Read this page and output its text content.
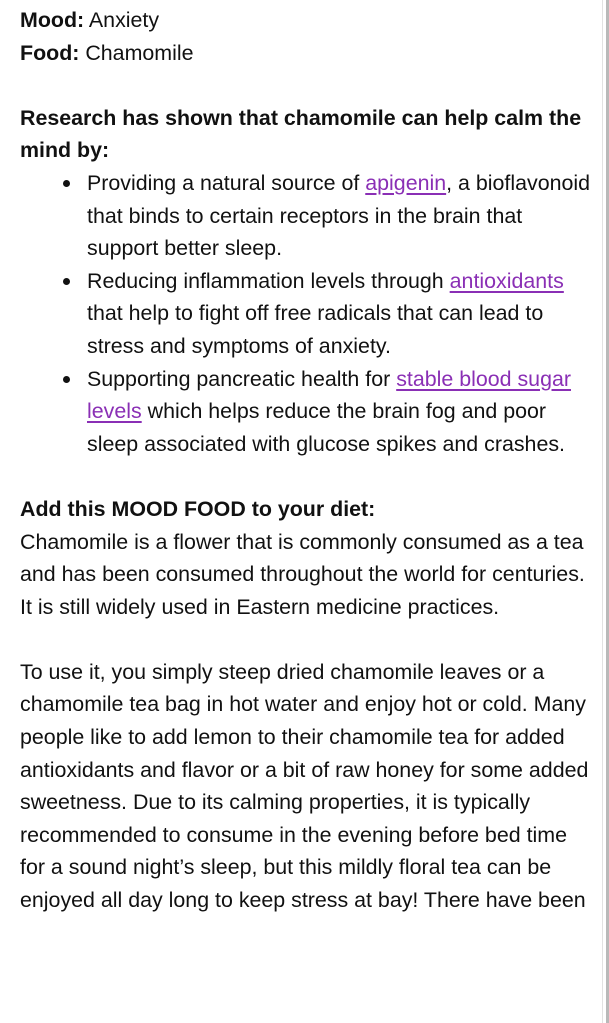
Mood: Anxiety

Food: Chamomile

Research has shown that chamomile can help calm the mind by:

Providing a natural source of apigenin, a bioflavonoid that binds to certain receptors in the brain that support better sleep.
Reducing inflammation levels through antioxidants that help to fight off free radicals that can lead to stress and symptoms of anxiety.
Supporting pancreatic health for stable blood sugar levels which helps reduce the brain fog and poor sleep associated with glucose spikes and crashes.

Add this MOOD FOOD to your diet:

Chamomile is a flower that is commonly consumed as a tea and has been consumed throughout the world for centuries. It is still widely used in Eastern medicine practices.

To use it, you simply steep dried chamomile leaves or a chamomile tea bag in hot water and enjoy hot or cold. Many people like to add lemon to their chamomile tea for added antioxidants and flavor or a bit of raw honey for some added sweetness. Due to its calming properties, it is typically recommended to consume in the evening before bed time for a sound night’s sleep, but this mildly floral tea can be enjoyed all day long to keep stress at bay! There have been
